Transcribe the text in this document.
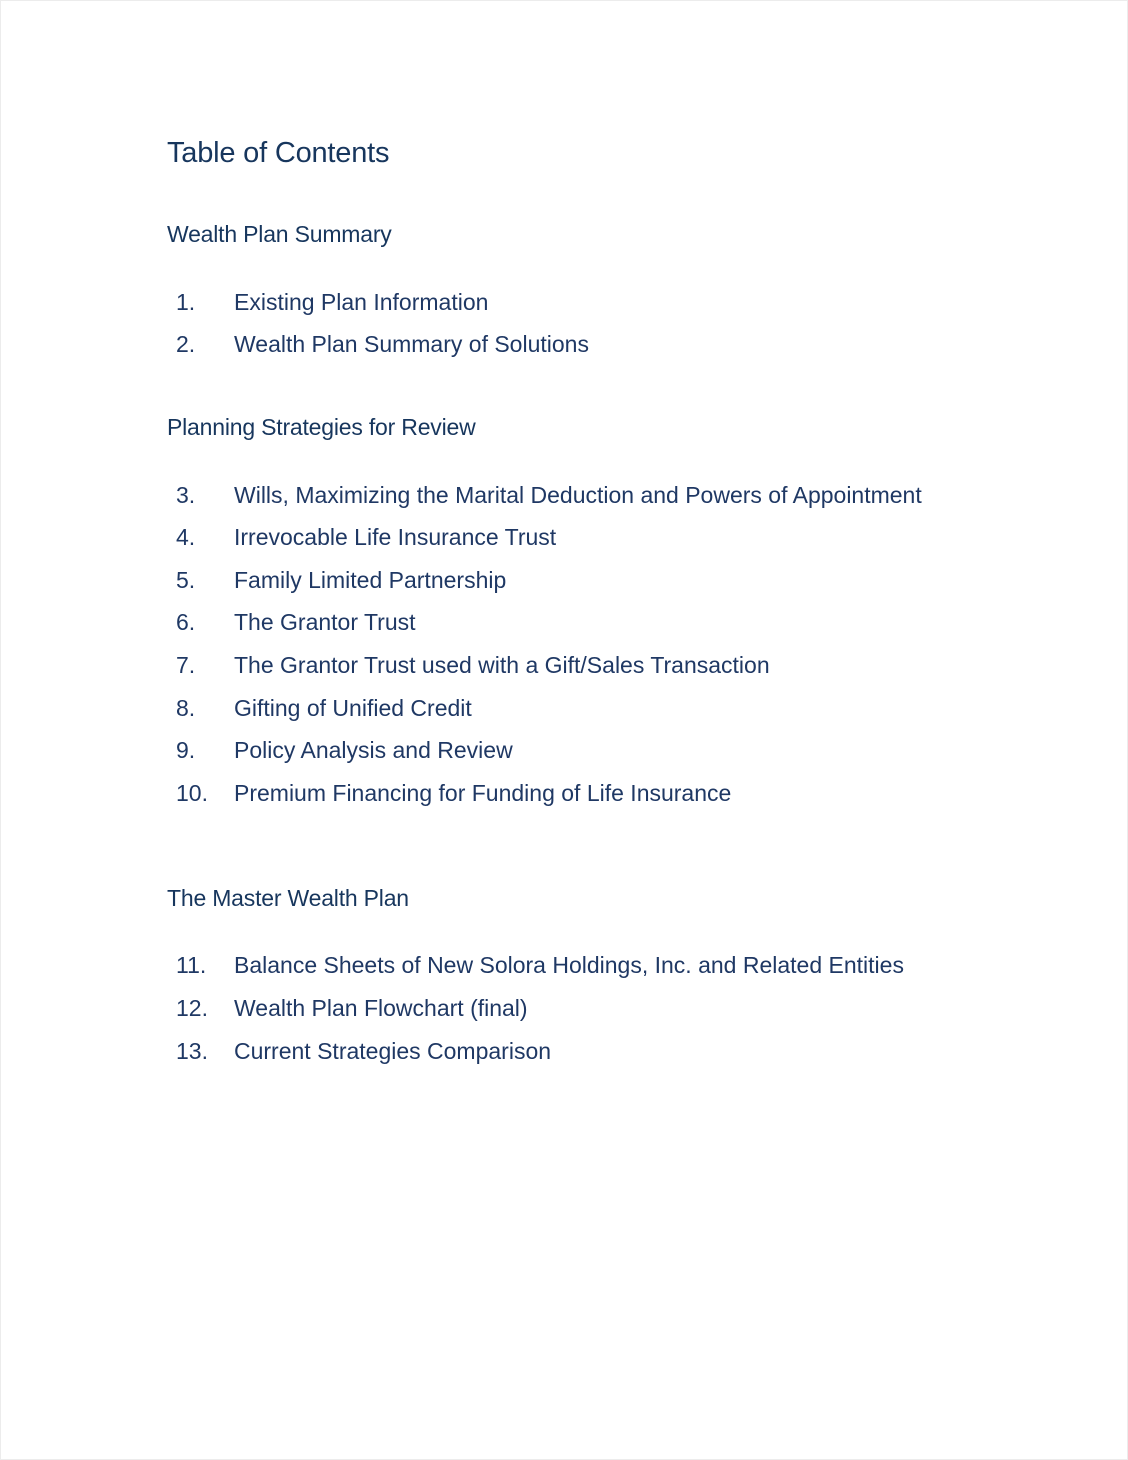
Table of Contents
Wealth Plan Summary
1. Existing Plan Information
2. Wealth Plan Summary of Solutions
Planning Strategies for Review
3. Wills, Maximizing the Marital Deduction and Powers of Appointment
4. Irrevocable Life Insurance Trust
5. Family Limited Partnership
6. The Grantor Trust
7. The Grantor Trust used with a Gift/Sales Transaction
8. Gifting of Unified Credit
9. Policy Analysis and Review
10. Premium Financing for Funding of Life Insurance
The Master Wealth Plan
11. Balance Sheets of New Solora Holdings, Inc. and Related Entities
12. Wealth Plan Flowchart (final)
13. Current Strategies Comparison
